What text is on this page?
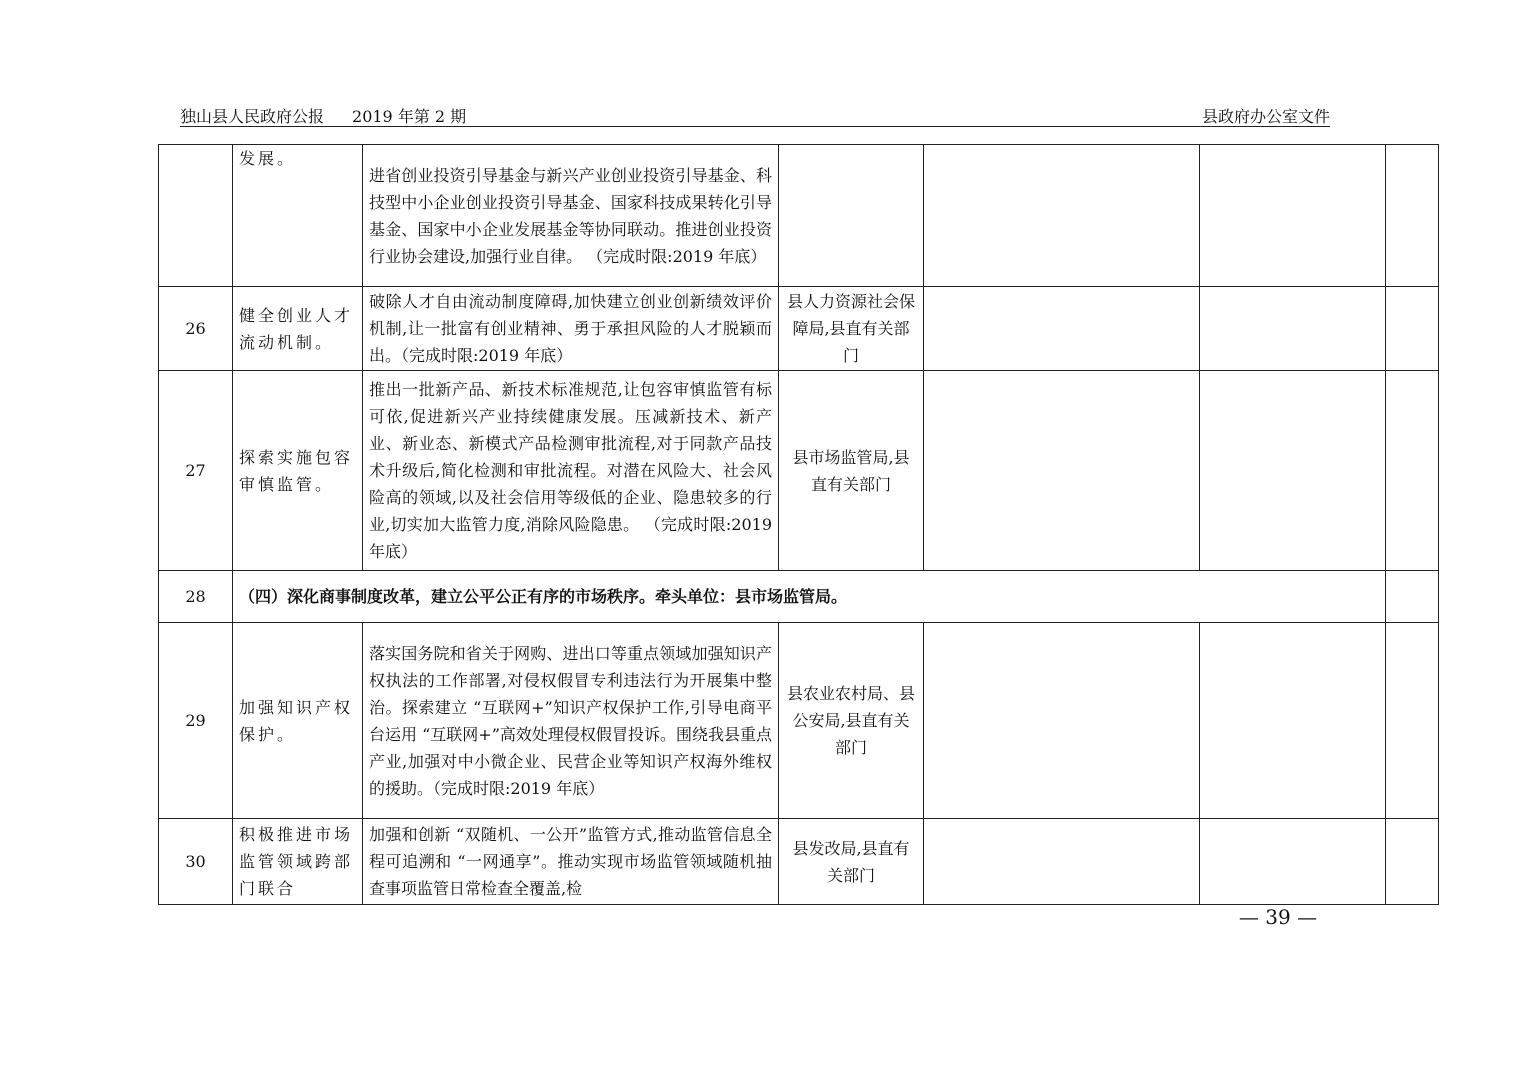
独山县人民政府公报 2019 年第 2 期	县政府办公室文件
	发展。	进省创业投资引导基金与新兴产业创业投资引导基金、科技型中小企业创业投资引导基金、国家科技成果转化引导基金、国家中小企业发展基金等协同联动。推进创业投资行业协会建设,加强行业自律。 （完成时限:2019 年底）				
26	健全创业人才流动机制。	破除人才自由流动制度障碍,加快建立创业创新绩效评价机制,让一批富有创业精神、勇于承担风险的人才脱颖而出。（完成时限:2019 年底）	县人力资源社会保障局,县直有关部门			
27	探索实施包容审慎监管。	推出一批新产品、新技术标准规范,让包容审慎监管有标可依,促进新兴产业持续健康发展。压减新技术、新产业、新业态、新模式产品检测审批流程,对于同款产品技术升级后,简化检测和审批流程。对潜在风险大、社会风险高的领域,以及社会信用等级低的企业、隐患较多的行业,切实加大监管力度,消除风险隐患。 （完成时限:2019 年底）	县市场监管局,县直有关部门			
28	（四）深化商事制度改革，建立公平公正有序的市场秩序。牵头单位：县市场监管局。					
29	加强知识产权保护。	落实国务院和省关于网购、进出口等重点领域加强知识产权执法的工作部署,对侵权假冒专利违法行为开展集中整治。探索建立 “互联网+”知识产权保护工作,引导电商平台运用 “互联网+”高效处理侵权假冒投诉。围绕我县重点产业,加强对中小微企业、民营企业等知识产权海外维权的援助。（完成时限:2019 年底）	县农业农村局、县公安局,县直有关部门			
30	积极推进市场监管领域跨部门联合	加强和创新 “双随机、一公开”监管方式,推动监管信息全程可追溯和 “一网通享”。推动实现市场监管领域随机抽查事项监管日常检查全覆盖,检	县发改局,县直有关部门			
— 39 —
